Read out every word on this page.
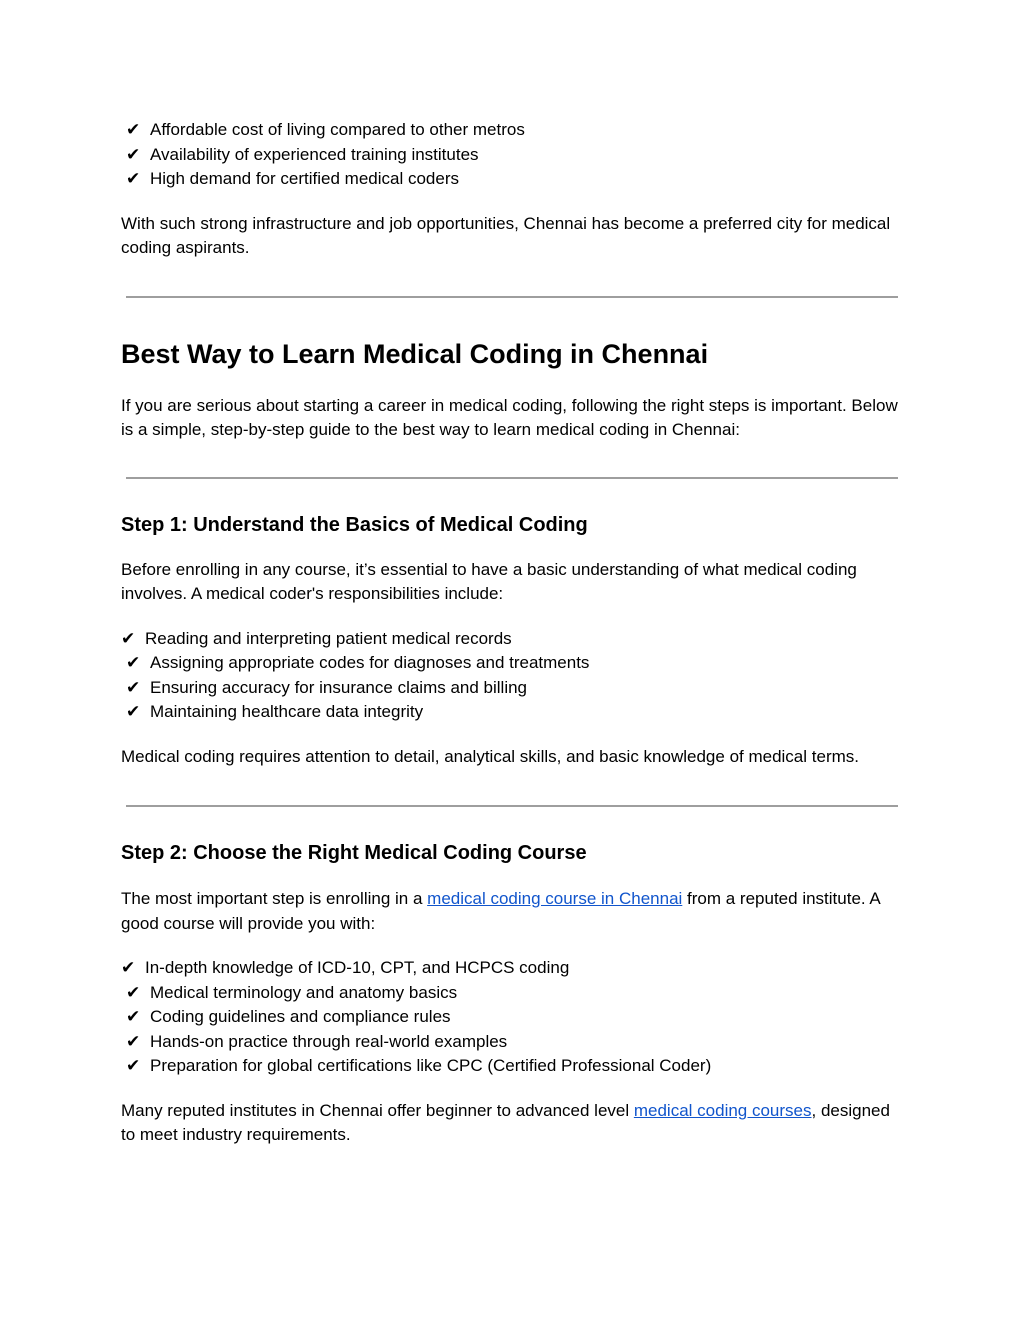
✔ Affordable cost of living compared to other metros
✔ Availability of experienced training institutes
✔ High demand for certified medical coders

With such strong infrastructure and job opportunities, Chennai has become a preferred city for medical coding aspirants.

Best Way to Learn Medical Coding in Chennai

If you are serious about starting a career in medical coding, following the right steps is important. Below is a simple, step-by-step guide to the best way to learn medical coding in Chennai:

Step 1: Understand the Basics of Medical Coding

Before enrolling in any course, it’s essential to have a basic understanding of what medical coding involves. A medical coder's responsibilities include:

✔ Reading and interpreting patient medical records
✔ Assigning appropriate codes for diagnoses and treatments
✔ Ensuring accuracy for insurance claims and billing
✔ Maintaining healthcare data integrity

Medical coding requires attention to detail, analytical skills, and basic knowledge of medical terms.

Step 2: Choose the Right Medical Coding Course

The most important step is enrolling in a medical coding course in Chennai from a reputed institute. A good course will provide you with:

✔ In-depth knowledge of ICD-10, CPT, and HCPCS coding
✔ Medical terminology and anatomy basics
✔ Coding guidelines and compliance rules
✔ Hands-on practice through real-world examples
✔ Preparation for global certifications like CPC (Certified Professional Coder)

Many reputed institutes in Chennai offer beginner to advanced level medical coding courses, designed to meet industry requirements.
